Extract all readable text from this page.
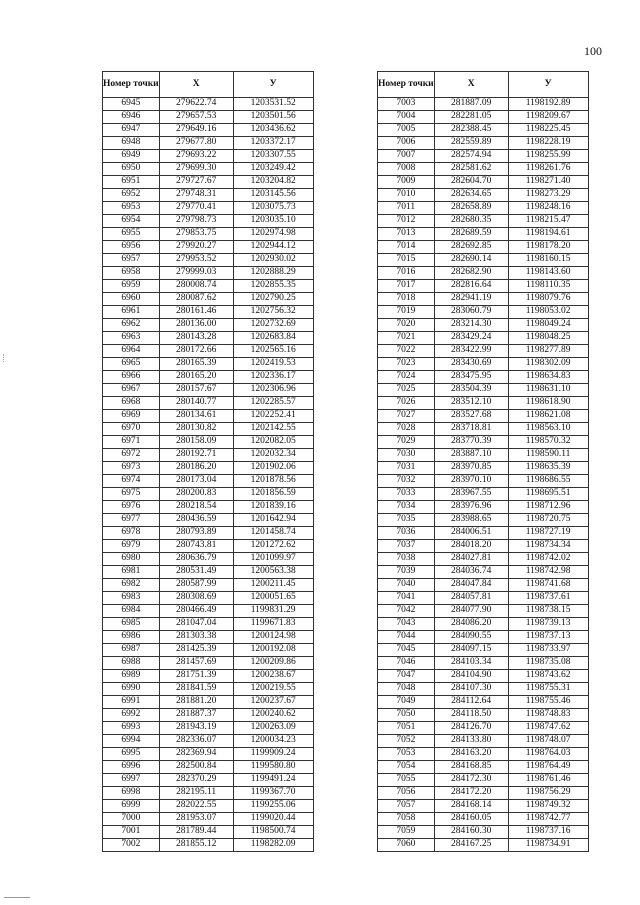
100
Номер точки	X	У
6945	279622.74	1203531.52
6946	279657.53	1203501.56
6947	279649.16	1203436.62
6948	279677.80	1203372.17
6949	279693.22	1203307.55
6950	279699.30	1203249.42
6951	279727.67	1203204.82
6952	279748.31	1203145.56
6953	279770.41	1203075.73
6954	279798.73	1203035.10
6955	279853.75	1202974.98
6956	279920.27	1202944.12
6957	279953.52	1202930.02
6958	279999.03	1202888.29
6959	280008.74	1202855.35
6960	280087.62	1202790.25
6961	280161.46	1202756.32
6962	280136.00	1202732.69
6963	280143.28	1202683.84
6964	280172.66	1202565.16
6965	280165.39	1202419.53
6966	280165.20	1202336.17
6967	280157.67	1202306.96
6968	280140.77	1202285.57
6969	280134.61	1202252.41
6970	280130.82	1202142.55
6971	280158.09	1202082.05
6972	280192.71	1202032.34
6973	280186.20	1201902.06
6974	280173.04	1201878.56
6975	280200.83	1201856.59
6976	280218.54	1201839.16
6977	280436.59	1201642.94
6978	280793.89	1201458.74
6979	280743.81	1201272.62
6980	280636.79	1201099.97
6981	280531.49	1200563.38
6982	280587.99	1200211.45
6983	280308.69	1200051.65
6984	280466.49	1199831.29
6985	281047.04	1199671.83
6986	281303.38	1200124.98
6987	281425.39	1200192.08
6988	281457.69	1200209.86
6989	281751.39	1200238.67
6990	281841.59	1200219.55
6991	281881.20	1200237.67
6992	281887.37	1200240.62
6993	281943.19	1200263.09
6994	282336.07	1200034.23
6995	282369.94	1199909.24
6996	282500.84	1199580.80
6997	282370.29	1199491.24
6998	282195.11	1199367.70
6999	282022.55	1199255.06
7000	281953.07	1199020.44
7001	281789.44	1198500.74
7002	281855.12	1198282.09
Номер точки	X	У
7003	281887.09	1198192.89
7004	282281.05	1198209.67
7005	282388.45	1198225.45
7006	282559.89	1198228.19
7007	282574.94	1198255.99
7008	282581.62	1198261.76
7009	282604.70	1198271.40
7010	282634.65	1198273.29
7011	282658.89	1198248.16
7012	282680.35	1198215.47
7013	282689.59	1198194.61
7014	282692.85	1198178.20
7015	282690.14	1198160.15
7016	282682.90	1198143.60
7017	282816.64	1198110.35
7018	282941.19	1198079.76
7019	283060.79	1198053.02
7020	283214.30	1198049.24
7021	283429.24	1198048.25
7022	283422.99	1198277.89
7023	283430.69	1198302.09
7024	283475.95	1198634.83
7025	283504.39	1198631.10
7026	283512.10	1198618.90
7027	283527.68	1198621.08
7028	283718.81	1198563.10
7029	283770.39	1198570.32
7030	283887.10	1198590.11
7031	283970.85	1198635.39
7032	283970.10	1198686.55
7033	283967.55	1198695.51
7034	283976.96	1198712.96
7035	283988.65	1198720.75
7036	284006.51	1198727.19
7037	284018.20	1198734.34
7038	284027.81	1198742.02
7039	284036.74	1198742.98
7040	284047.84	1198741.68
7041	284057.81	1198737.61
7042	284077.90	1198738.15
7043	284086.20	1198739.13
7044	284090.55	1198737.13
7045	284097.15	1198733.97
7046	284103.34	1198735.08
7047	284104.90	1198743.62
7048	284107.30	1198755.31
7049	284112.64	1198755.46
7050	284118.50	1198748.83
7051	284126.70	1198747.62
7052	284133.80	1198748.07
7053	284163.20	1198764.03
7054	284168.85	1198764.49
7055	284172.30	1198761.46
7056	284172.20	1198756.29
7057	284168.14	1198749.32
7058	284160.05	1198742.77
7059	284160.30	1198737.16
7060	284167.25	1198734.91
